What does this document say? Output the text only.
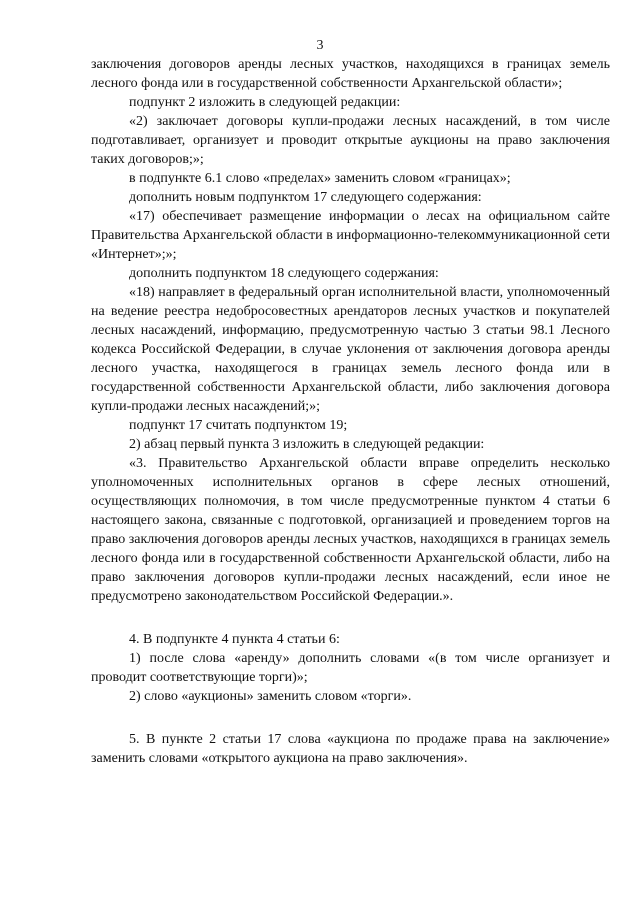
3

заключения договоров аренды лесных участков, находящихся в границах земель лесного фонда или в государственной собственности Архангельской области»;

подпункт 2 изложить в следующей редакции:

«2) заключает договоры купли-продажи лесных насаждений, в том числе подготавливает, организует и проводит открытые аукционы на право заключения таких договоров;»;

в подпункте 6.1 слово «пределах» заменить словом «границах»;

дополнить новым подпунктом 17 следующего содержания:

«17) обеспечивает размещение информации о лесах на официальном сайте Правительства Архангельской области в информационно-телекоммуникационной сети «Интернет»;»;

дополнить подпунктом 18 следующего содержания:

«18) направляет в федеральный орган исполнительной власти, уполномоченный на ведение реестра недобросовестных арендаторов лесных участков и покупателей лесных насаждений, информацию, предусмотренную частью 3 статьи 98.1 Лесного кодекса Российской Федерации, в случае уклонения от заключения договора аренды лесного участка, находящегося в границах земель лесного фонда или в государственной собственности Архангельской области, либо заключения договора купли-продажи лесных насаждений;»;

подпункт 17 считать подпунктом 19;

2) абзац первый пункта 3 изложить в следующей редакции:

«3. Правительство Архангельской области вправе определить несколько уполномоченных исполнительных органов в сфере лесных отношений, осуществляющих полномочия, в том числе предусмотренные пунктом 4 статьи 6 настоящего закона, связанные с подготовкой, организацией и проведением торгов на право заключения договоров аренды лесных участков, находящихся в границах земель лесного фонда или в государственной собственности Архангельской области, либо на право заключения договоров купли-продажи лесных насаждений, если иное не предусмотрено законодательством Российской Федерации.».

4. В подпункте 4 пункта 4 статьи 6:

1) после слова «аренду» дополнить словами «(в том числе организует и проводит соответствующие торги)»;

2) слово «аукционы» заменить словом «торги».

5. В пункте 2 статьи 17 слова «аукциона по продаже права на заключение» заменить словами «открытого аукциона на право заключения».
